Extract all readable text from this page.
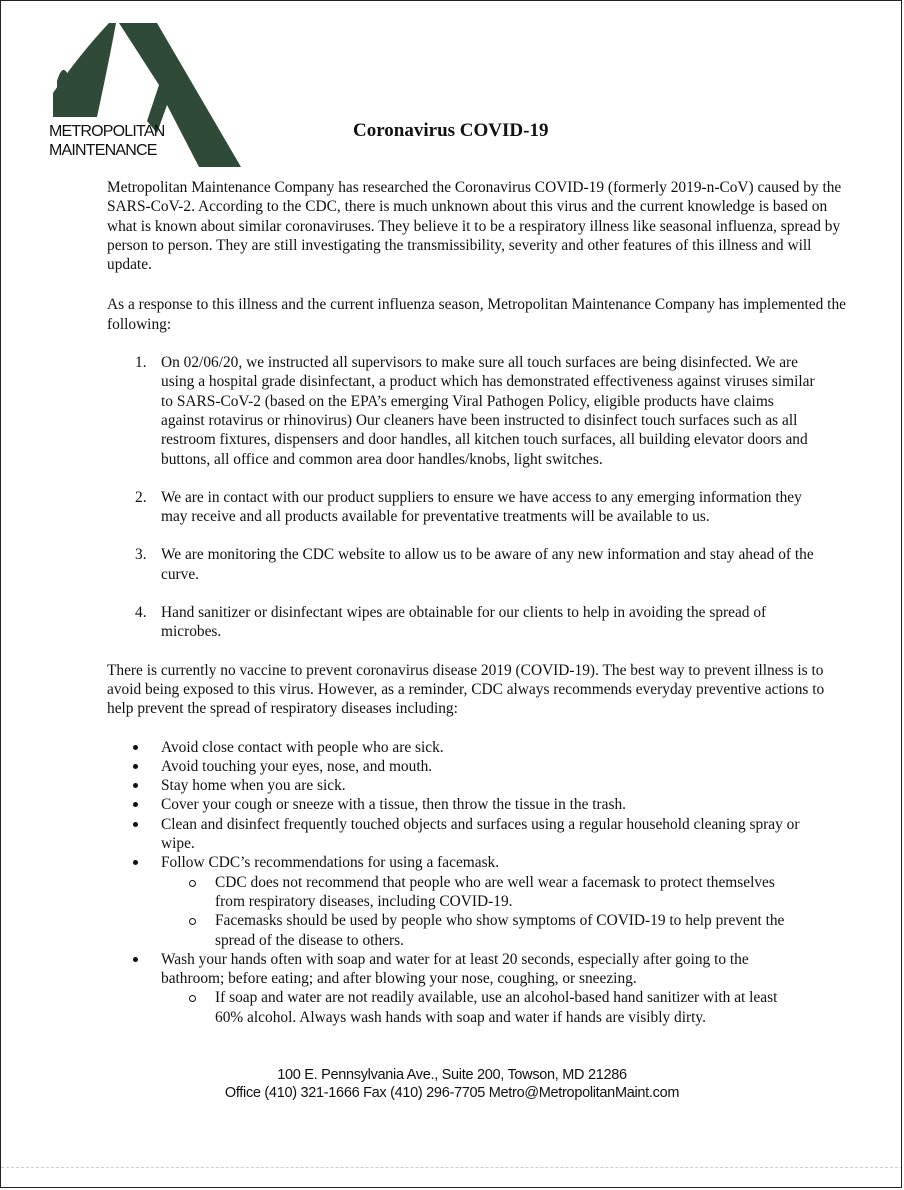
METROPOLITAN
MAINTENANCE
Coronavirus COVID-19

Metropolitan Maintenance Company has researched the Coronavirus COVID-19 (formerly 2019-n-CoV) caused by the SARS-CoV-2. According to the CDC, there is much unknown about this virus and the current knowledge is based on what is known about similar coronaviruses. They believe it to be a respiratory illness like seasonal influenza, spread by person to person. They are still investigating the transmissibility, severity and other features of this illness and will update.

As a response to this illness and the current influenza season, Metropolitan Maintenance Company has implemented the following:

1. On 02/06/20, we instructed all supervisors to make sure all touch surfaces are being disinfected. We are using a hospital grade disinfectant, a product which has demonstrated effectiveness against viruses similar to SARS-CoV-2 (based on the EPA’s emerging Viral Pathogen Policy, eligible products have claims against rotavirus or rhinovirus) Our cleaners have been instructed to disinfect touch surfaces such as all restroom fixtures, dispensers and door handles, all kitchen touch surfaces, all building elevator doors and buttons, all office and common area door handles/knobs, light switches.
2. We are in contact with our product suppliers to ensure we have access to any emerging information they may receive and all products available for preventative treatments will be available to us.
3. We are monitoring the CDC website to allow us to be aware of any new information and stay ahead of the curve.
4. Hand sanitizer or disinfectant wipes are obtainable for our clients to help in avoiding the spread of microbes.

There is currently no vaccine to prevent coronavirus disease 2019 (COVID-19). The best way to prevent illness is to avoid being exposed to this virus. However, as a reminder, CDC always recommends everyday preventive actions to help prevent the spread of respiratory diseases including:

Avoid close contact with people who are sick.
Avoid touching your eyes, nose, and mouth.
Stay home when you are sick.
Cover your cough or sneeze with a tissue, then throw the tissue in the trash.
Clean and disinfect frequently touched objects and surfaces using a regular household cleaning spray or wipe.
Follow CDC’s recommendations for using a facemask.
CDC does not recommend that people who are well wear a facemask to protect themselves from respiratory diseases, including COVID-19.
Facemasks should be used by people who show symptoms of COVID-19 to help prevent the spread of the disease to others.
Wash your hands often with soap and water for at least 20 seconds, especially after going to the bathroom; before eating; and after blowing your nose, coughing, or sneezing.
If soap and water are not readily available, use an alcohol-based hand sanitizer with at least 60% alcohol. Always wash hands with soap and water if hands are visibly dirty.
100 E. Pennsylvania Ave., Suite 200, Towson, MD 21286
Office (410) 321-1666 Fax (410) 296-7705 Metro@MetropolitanMaint.com
